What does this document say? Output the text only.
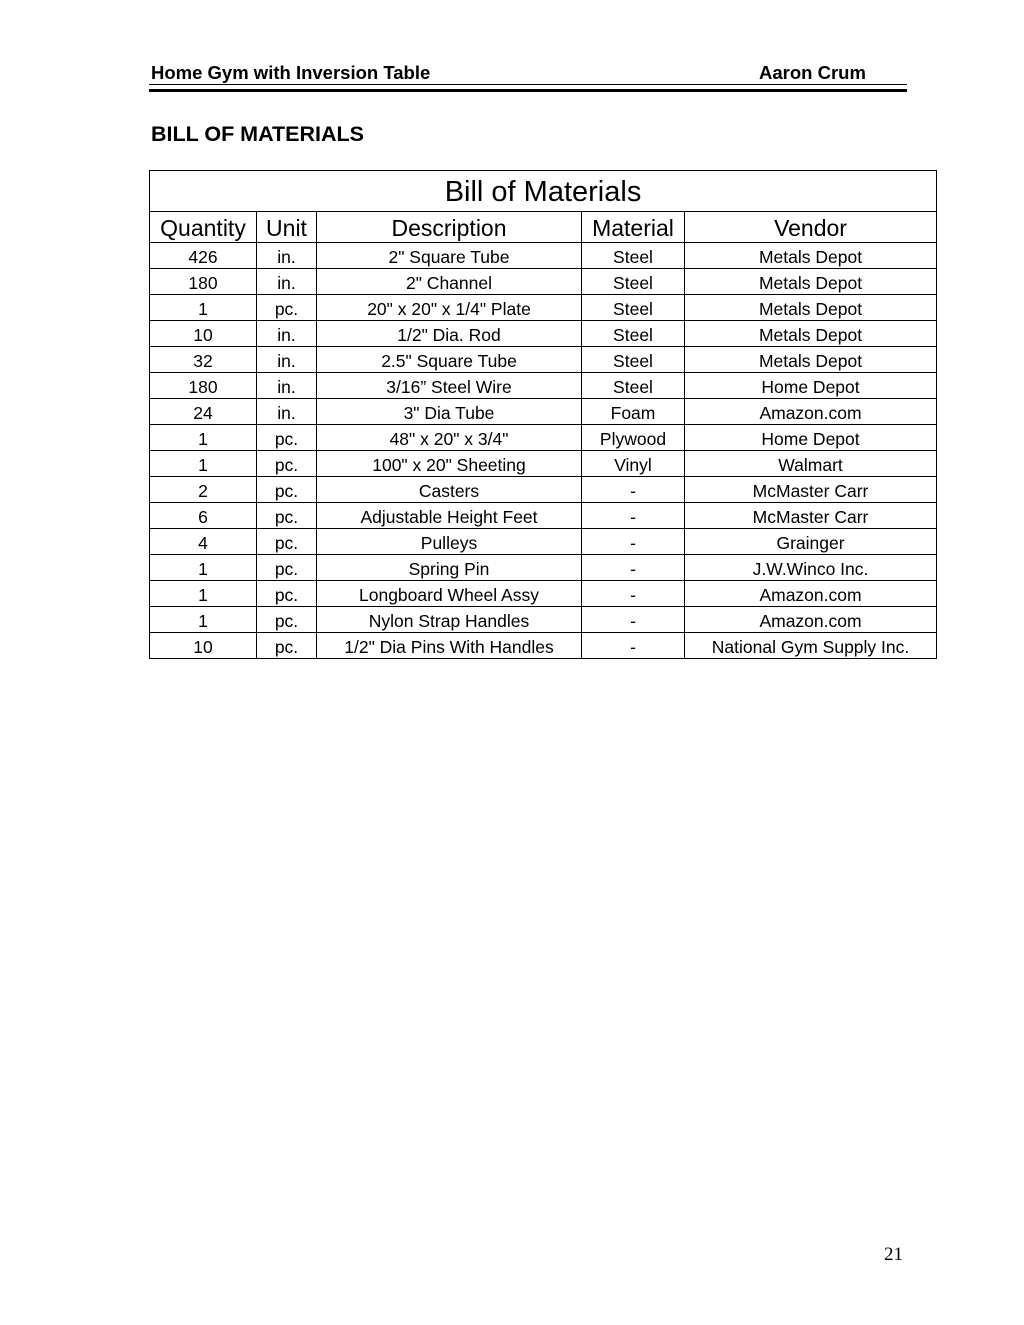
Home Gym with Inversion Table	Aaron Crum
BILL OF MATERIALS
Bill of Materials				
Quantity	Unit	Description	Material	Vendor
426	in.	2" Square Tube	Steel	Metals Depot
180	in.	2" Channel	Steel	Metals Depot
1	pc.	20" x 20" x 1/4" Plate	Steel	Metals Depot
10	in.	1/2" Dia. Rod	Steel	Metals Depot
32	in.	2.5" Square Tube	Steel	Metals Depot
180	in.	3/16” Steel Wire	Steel	Home Depot
24	in.	3" Dia Tube	Foam	Amazon.com
1	pc.	48" x 20" x 3/4"	Plywood	Home Depot
1	pc.	100" x 20" Sheeting	Vinyl	Walmart
2	pc.	Casters	-	McMaster Carr
6	pc.	Adjustable Height Feet	-	McMaster Carr
4	pc.	Pulleys	-	Grainger
1	pc.	Spring Pin	-	J.W.Winco Inc.
1	pc.	Longboard Wheel Assy	-	Amazon.com
1	pc.	Nylon Strap Handles	-	Amazon.com
10	pc.	1/2" Dia Pins With Handles	-	National Gym Supply Inc.
21
